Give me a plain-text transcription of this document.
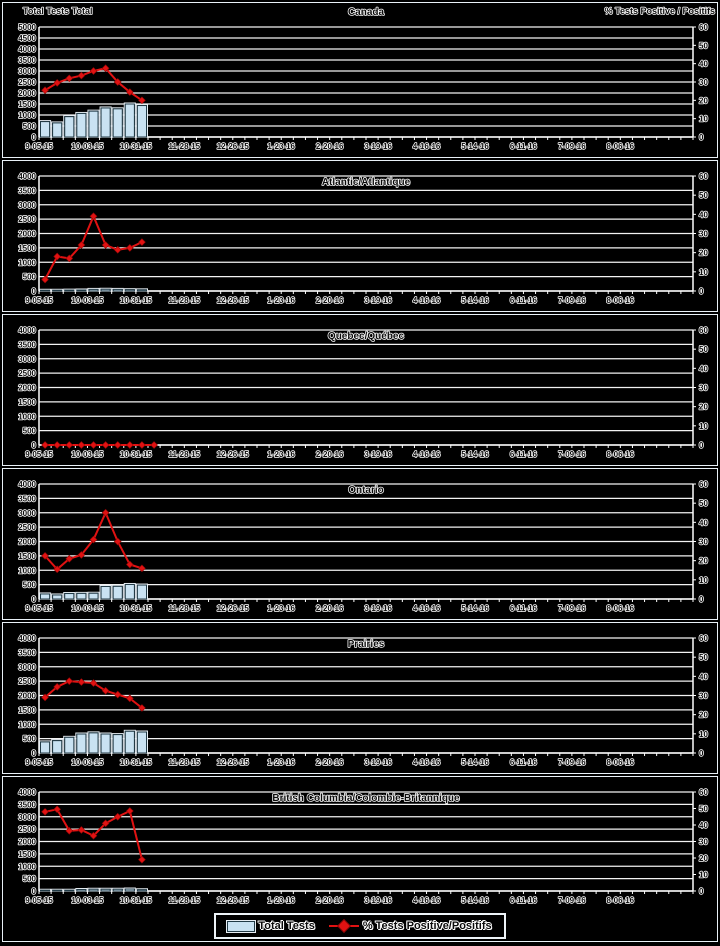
0
500
1000
1500
2000
2500
3000
3500
4000
4500
5000
0
10
20
30
40
50
60
9-05-15 10-03-15 10-31-15 11-28-15 12-26-15 1-23-16	2-20-16	3-19-16	4-16-16	5-14-16	6-11-16	7-09-16	8-06-16
Canada
Total Tests Total	% Tests Positive / Positifs
0
500
1000
1500
2000
2500
3000
3500
4000
0
10
20
30
40
50
60
9-05-15 10-03-15 10-31-15 11-28-15 12-26-15 1-23-16	2-20-16	3-19-16	4-16-16	5-14-16	6-11-16	7-09-16	8-06-16
Atlantic/Atlantique
0
500
1000
1500
2000
2500
3000
3500
4000
0
10
20
30
40
50
60
9-05-15 10-03-15 10-31-15 11-28-15 12-26-15 1-23-16	2-20-16	3-19-16	4-16-16	5-14-16	6-11-16	7-09-16	8-06-16
Quebec/Québec
0
500
1000
1500
2000
2500
3000
3500
4000
0
10
20
30
40
50
60
9-05-15 10-03-15 10-31-15 11-28-15 12-26-15 1-23-16	2-20-16	3-19-16	4-16-16	5-14-16	6-11-16	7-09-16	8-06-16
Ontario
0
500
1000
1500
2000
2500
3000
3500
4000
0
10
20
30
40
50
60
9-05-15 10-03-15 10-31-15 11-28-15 12-26-15 1-23-16	2-20-16	3-19-16	4-16-16	5-14-16	6-11-16	7-09-16	8-06-16
Prairies
0
500
1000
1500
2000
2500
3000
3500
4000
0
10
20
30
40
50
60
9-05-15 10-03-15 10-31-15 11-28-15 12-26-15 1-23-16	2-20-16	3-19-16	4-16-16	5-14-16	6-11-16	7-09-16	8-06-16
British Columbia/Colombie-Britannique
Total Tests	% Tests Positive/Positifs
